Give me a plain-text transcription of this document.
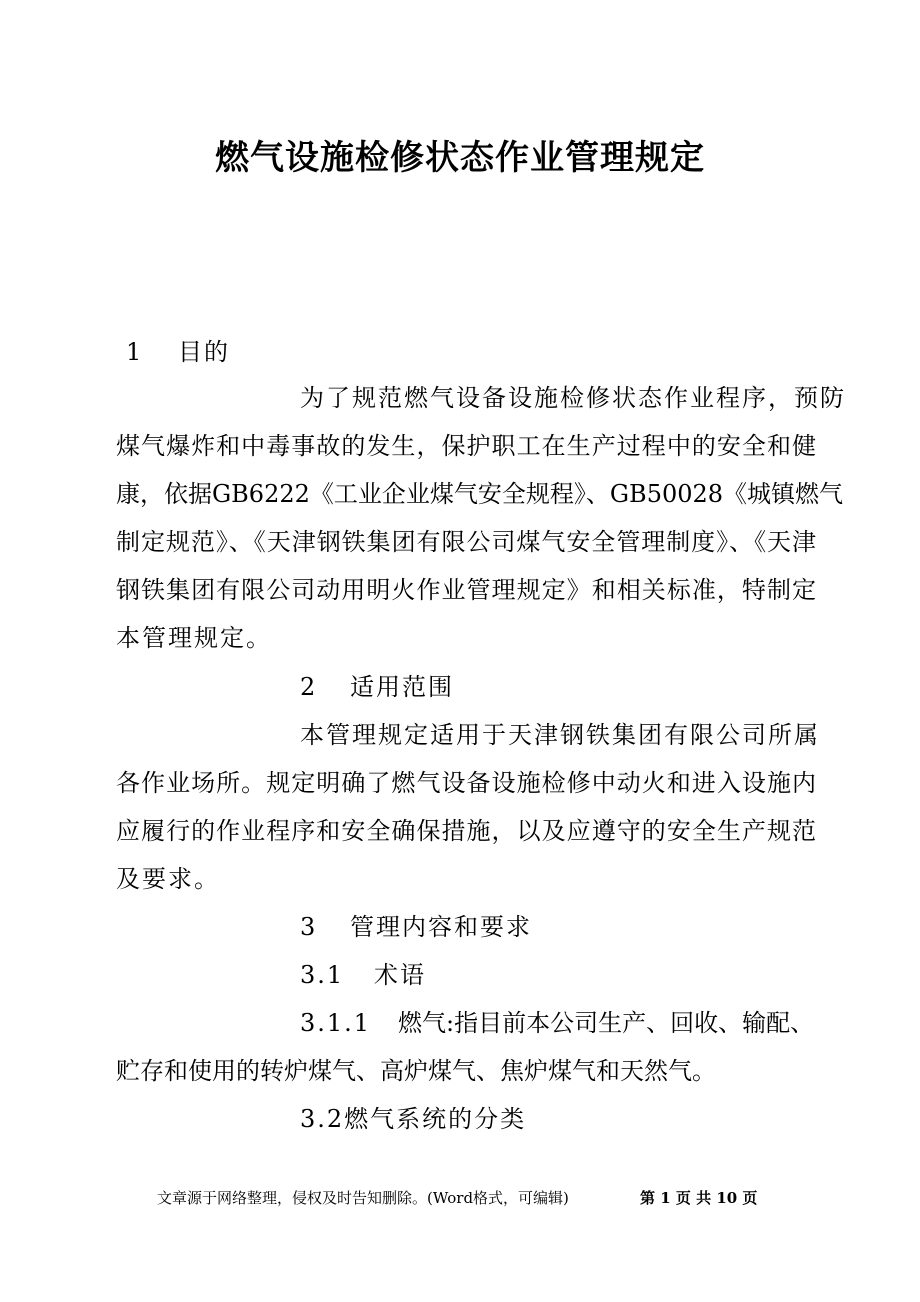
燃气设施检修状态作业管理规定
1 目的
为了规范燃气设备设施检修状态作业程序，预防
煤气爆炸和中毒事故的发生，保护职工在生产过程中的安全和健
康，依据GB6222《工业企业煤气安全规程》、GB50028《城镇燃气
制定规范》、《天津钢铁集团有限公司煤气安全管理制度》、《天津
钢铁集团有限公司动用明火作业管理规定》和相关标准，特制定
本管理规定。
2 适用范围
本管理规定适用于天津钢铁集团有限公司所属
各作业场所。规定明确了燃气设备设施检修中动火和进入设施内
应履行的作业程序和安全确保措施，以及应遵守的安全生产规范
及要求。
3 管理内容和要求
3.1 术语
3.1.1 燃气:指目前本公司生产、回收、输配、
贮存和使用的转炉煤气、高炉煤气、焦炉煤气和天然气。
3.2燃气系统的分类
文章源于网络整理，侵权及时告知删除。(Word格式，可编辑)	第 1 页 共 10 页
